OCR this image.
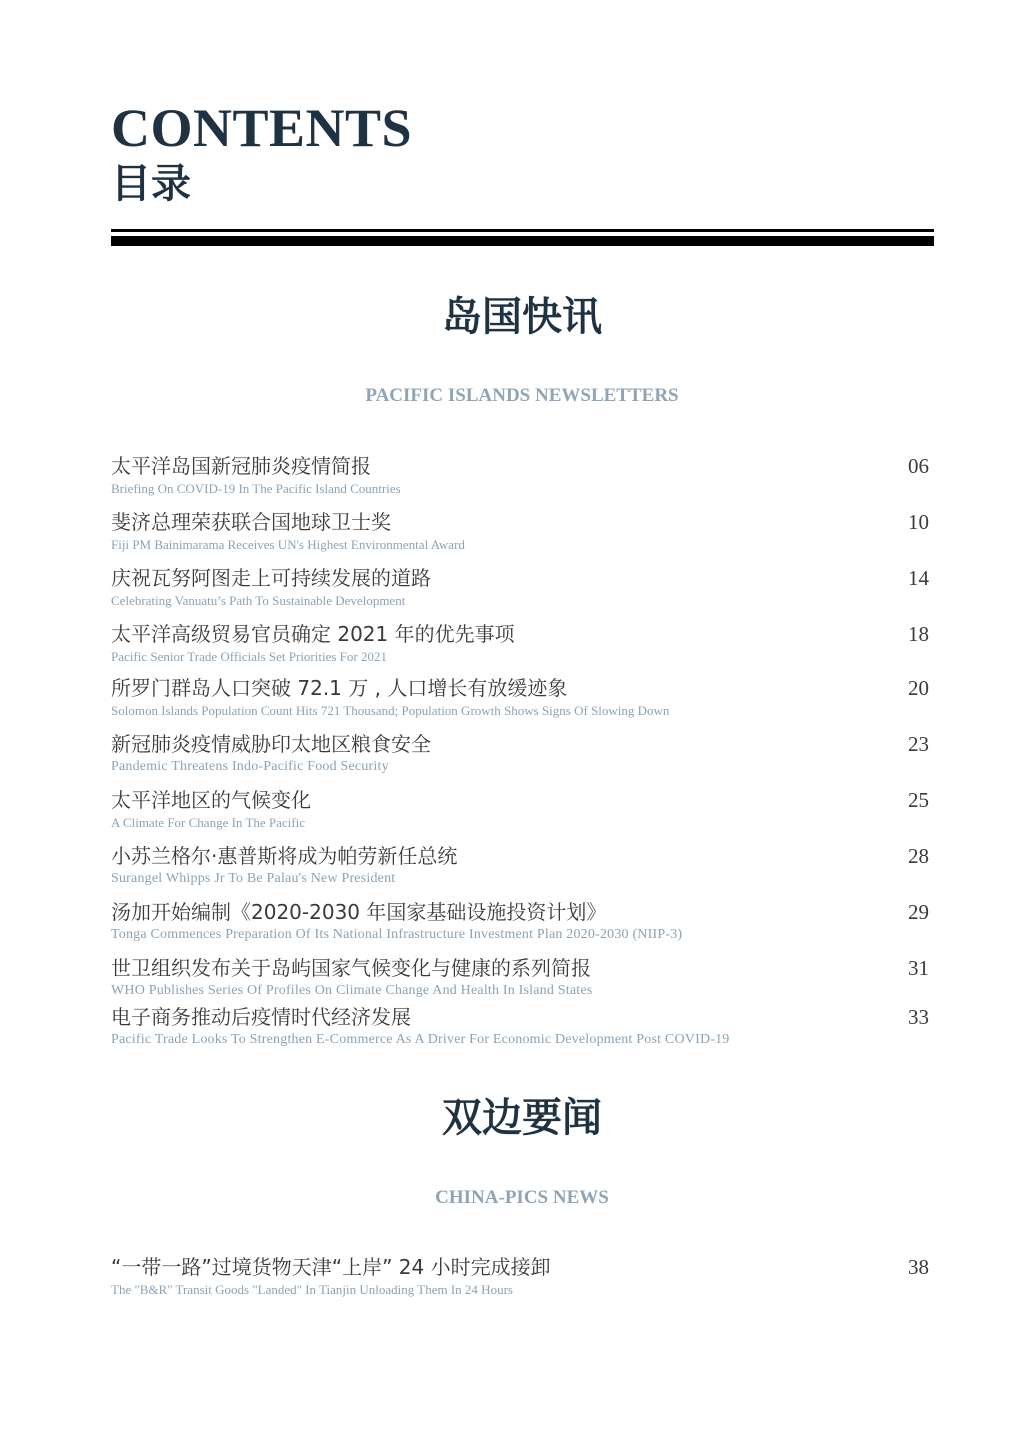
CONTENTS
目录
岛国快讯
PACIFIC ISLANDS NEWSLETTERS
太平洋岛国新冠肺炎疫情简报
Briefing On COVID-19 In The Pacific Island Countries
06
斐济总理荣获联合国地球卫士奖
Fiji PM Bainimarama Receives UN's Highest Environmental Award
10
庆祝瓦努阿图走上可持续发展的道路
Celebrating Vanuatu’s Path To Sustainable Development
14
太平洋高级贸易官员确定 2021 年的优先事项
Pacific Senior Trade Officials Set Priorities For 2021
18
所罗门群岛人口突破 72.1 万 , 人口增长有放缓迹象
Solomon Islands Population Count Hits 721 Thousand; Population Growth Shows Signs Of Slowing Down
20
新冠肺炎疫情威胁印太地区粮食安全
Pandemic Threatens Indo-Pacific Food Security
23
太平洋地区的气候变化
A Climate For Change In The Pacific
25
小苏兰格尔·惠普斯将成为帕劳新任总统
Surangel Whipps Jr To Be Palau's New President
28
汤加开始编制《2020-2030 年国家基础设施投资计划》
Tonga Commences Preparation Of Its National Infrastructure Investment Plan 2020-2030 (NIIP-3)
29
世卫组织发布关于岛屿国家气候变化与健康的系列简报
WHO Publishes Series Of Profiles On Climate Change And Health In Island States
31
电子商务推动后疫情时代经济发展
Pacific Trade Looks To Strengthen E-Commerce As A Driver For Economic Development Post COVID-19
33
双边要闻
CHINA-PICS NEWS
“一带一路”过境货物天津“上岸” 24 小时完成接卸
The "B&R" Transit Goods "Landed" In Tianjin Unloading Them In 24 Hours
38
